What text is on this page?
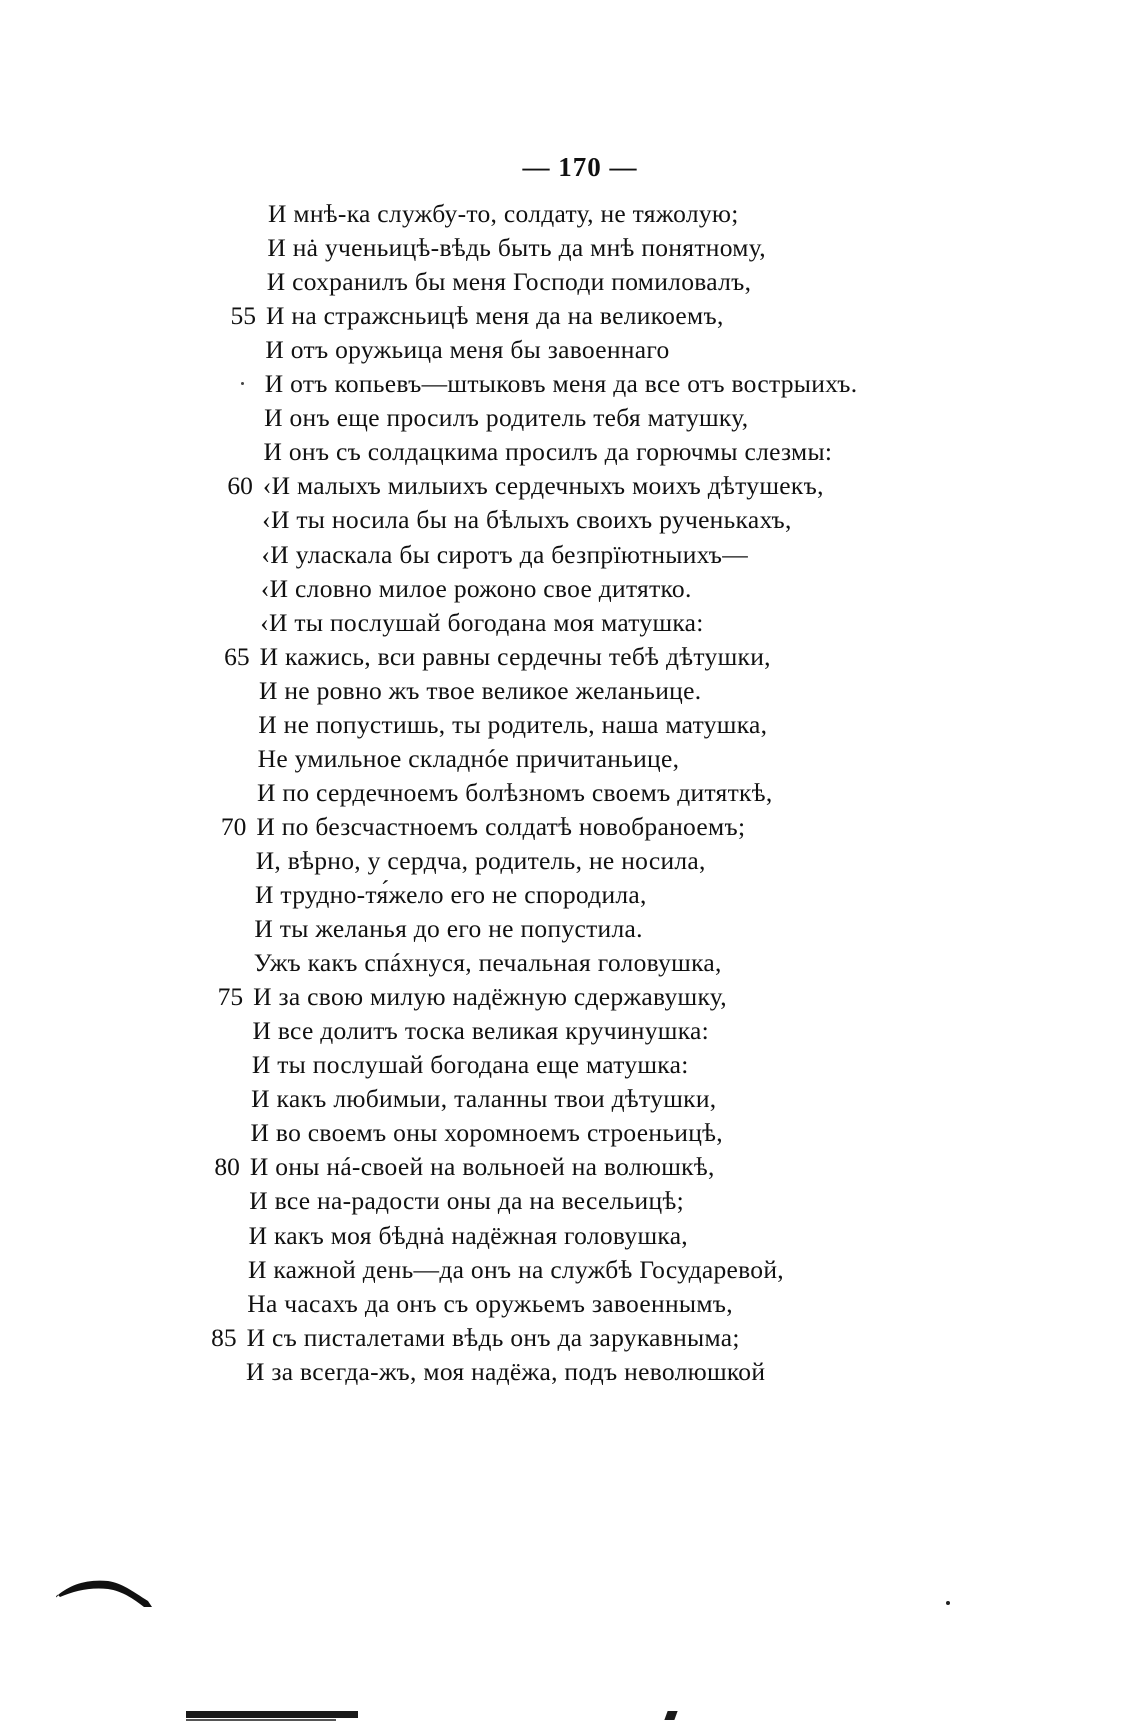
— 170 —
И мнѣ-ка службу-то, солдату, не тяжолую;
И нȧ ученьицѣ-вѣдь быть да мнѣ понятному,
И сохранилъ бы меня Господи помиловалъ,
55 И на стражсньицѣ меня да на великоемъ,
И отъ оружьица меня бы завоеннаго
И отъ копьевъ—штыковъ меня да все отъ вострыихъ.
И онъ еще просилъ родитель тебя матушку,
И онъ съ солдацкима просилъ да горючмы слезмы:
60 ‹И малыхъ милыихъ сердечныхъ моихъ дѣтушекъ,
‹И ты носила бы на бѣлыхъ своихъ рученькахъ,
‹И уласкала бы сиротъ да безпрїютныихъ—
‹И словно милое рожоно свое дитятко.
‹И ты послушай богодана моя матушка:
65 И кажись, вси равны сердечны тебѣ дѣтушки,
И не ровно жъ твое великое желаньице.
И не попустишь, ты родитель, наша матушка,
Не умильное складнóе причитаньице,
И по сердечноемъ болѣзномъ своемъ дитяткѣ,
70 И по безсчастноемъ солдатѣ новобраноемъ;
И, вѣрно, у сердча, родитель, не носила,
И трудно-тя́жело его не спородила,
И ты желанья до его не попустила.
Ужъ какъ спáхнуся, печальная головушка,
75 И за свою милую надёжную сдержавушку,
И все долитъ тоска великая кручинушка:
И ты послушай богодана еще матушка:
И какъ любимыи, таланны твои дѣтушки,
И во своемъ оны хоромноемъ строеньицѣ,
80 И оны нá-своей на вольноей на волюшкѣ,
И все на-радости оны да на весельицѣ;
И какъ моя бѣднȧ надёжная головушка,
И кажной день—да онъ на службѣ Государевой,
На часахъ да онъ съ оружьемъ завоеннымъ,
85 И съ писталетами вѣдь онъ да зарукавныма;
И за всегда-жъ, моя надёжа, подъ неволюшкой
